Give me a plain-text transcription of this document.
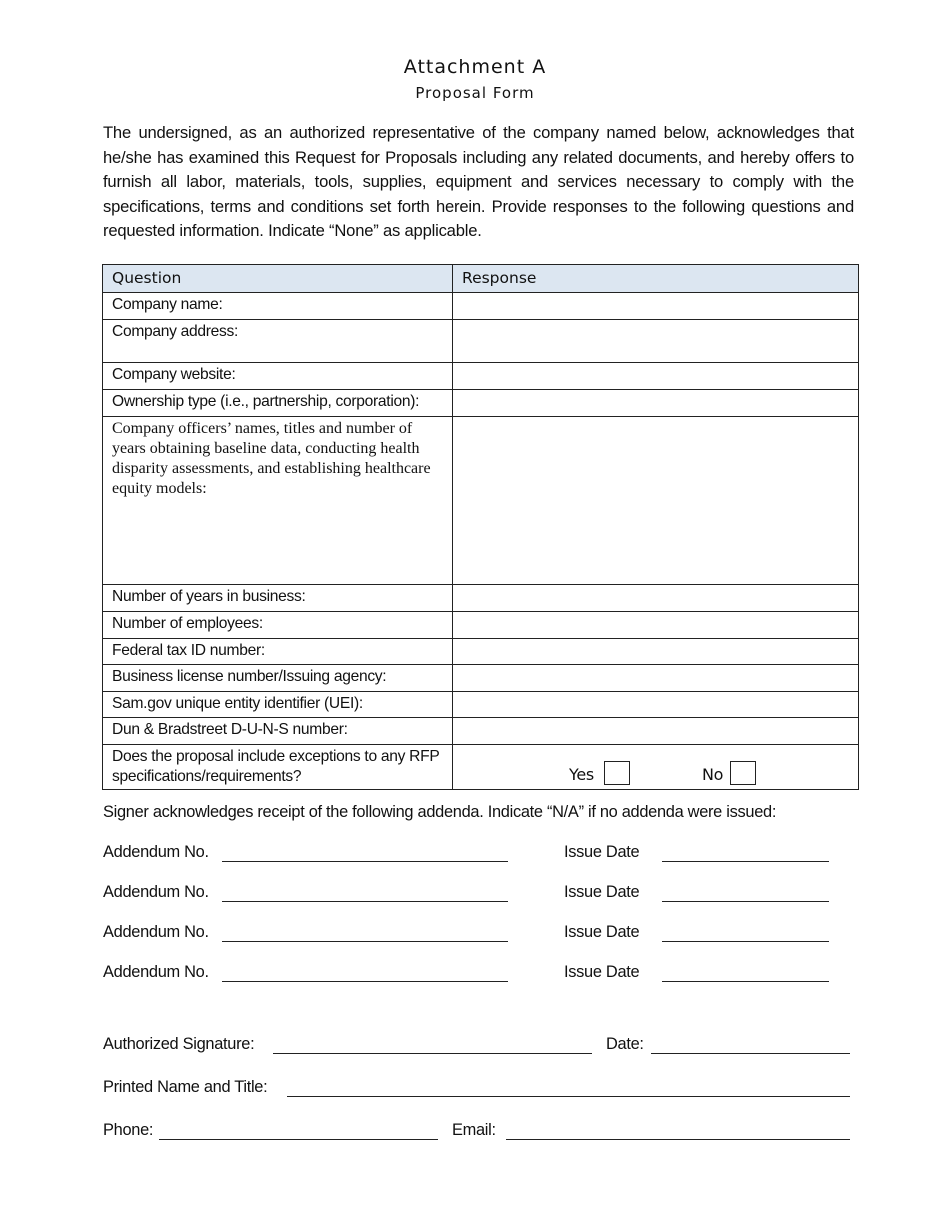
Attachment A
Proposal Form
The undersigned, as an authorized representative of the company named below, acknowledges that he/she has examined this Request for Proposals including any related documents, and hereby offers to furnish all labor, materials, tools, supplies, equipment and services necessary to comply with the specifications, terms and conditions set forth herein. Provide responses to the following questions and requested information. Indicate “None” as applicable.
Question	Response
Company name:	
Company address:	
Company website:	
Ownership type (i.e., partnership, corporation):	
Company officers’ names, titles and number of years obtaining baseline data, conducting health disparity assessments, and establishing healthcare equity models:	
Number of years in business:	
Number of employees:	
Federal tax ID number:	
Business license number/Issuing agency:	
Sam.gov unique entity identifier (UEI):	
Dun & Bradstreet D-U-N-S number:	
Does the proposal include exceptions to any RFP specifications/requirements?	Yes No
Signer acknowledges receipt of the following addenda. Indicate “N/A” if no addenda were issued:
Addendum No.	Issue Date
Addendum No.	Issue Date
Addendum No.	Issue Date
Addendum No.	Issue Date
Authorized Signature:	Date:
Printed Name and Title:
Phone:	Email:
